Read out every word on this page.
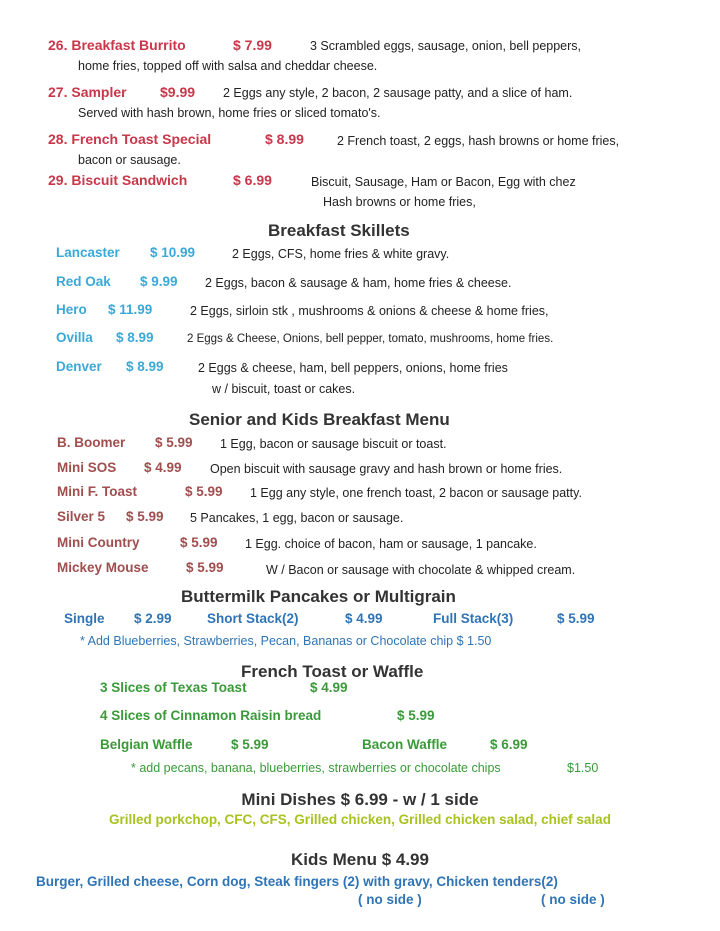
26. Breakfast Burrito	$ 7.99	3 Scrambled eggs, sausage, onion, bell peppers,
home fries, topped off with salsa and cheddar cheese.
27. Sampler $9.99 2 Eggs any style, 2 bacon, 2 sausage patty, and a slice of ham.
Served with hash brown, home fries or sliced tomato's.
28. French Toast Special	$ 8.99	2 French toast, 2 eggs, hash browns or home fries,
bacon or sausage.
29. Biscuit Sandwich	$ 6.99	Biscuit, Sausage, Ham or Bacon, Egg with chez
Hash browns or home fries,
Breakfast Skillets
Lancaster $ 10.99	2 Eggs, CFS, home fries & white gravy.
Red Oak $ 9.99 2 Eggs, bacon & sausage & ham, home fries & cheese.
Hero $ 11.99	2 Eggs, sirloin stk , mushrooms & onions & cheese & home fries,
Ovilla $ 8.99	2 Eggs & Cheese, Onions, bell pepper, tomato, mushrooms, home fries.
Denver $ 8.99	2 Eggs & cheese, ham, bell peppers, onions, home fries
w / biscuit, toast or cakes.
Senior and Kids Breakfast Menu
B. Boomer $ 5.99 1 Egg, bacon or sausage biscuit or toast.
Mini SOS $ 4.99 Open biscuit with sausage gravy and hash brown or home fries.
Mini F. Toast	$ 5.99 1 Egg any style, one french toast, 2 bacon or sausage patty.
Silver 5 $ 5.99 5 Pancakes, 1 egg, bacon or sausage.
Mini Country	$ 5.99 1 Egg. choice of bacon, ham or sausage, 1 pancake.
Mickey Mouse	$ 5.99	W / Bacon or sausage with chocolate & whipped cream.
Buttermilk Pancakes or Multigrain
Single $ 2.99	Short Stack(2)	$ 4.99	Full Stack(3)	$ 5.99
* Add Blueberries, Strawberries, Pecan, Bananas or Chocolate chip $ 1.50
French Toast or Waffle
3 Slices of Texas Toast	$ 4.99
4 Slices of Cinnamon Raisin bread	$ 5.99
Belgian Waffle	$ 5.99	Bacon Waffle	$ 6.99
* add pecans, banana, blueberries, strawberries or chocolate chips	$1.50
Mini Dishes $ 6.99 - w / 1 side
Grilled porkchop, CFC, CFS, Grilled chicken, Grilled chicken salad, chief salad
Kids Menu $ 4.99
Burger, Grilled cheese, Corn dog, Steak fingers (2) with gravy, Chicken tenders(2)
( no side )	( no side )
